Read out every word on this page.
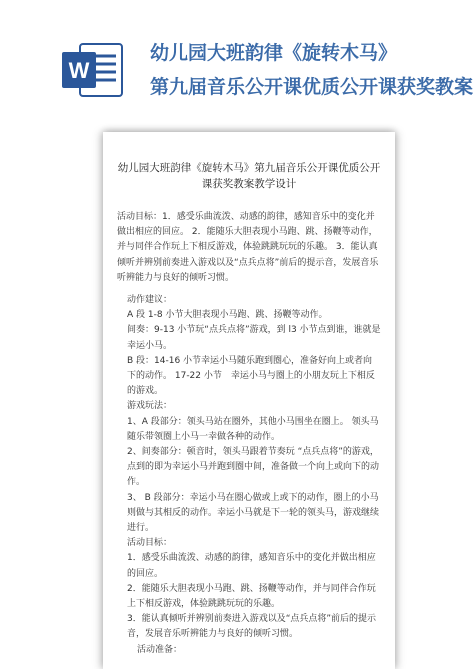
W
幼儿园大班韵律《旋转木马》
第九届音乐公开课优质公开课获奖教案
幼儿园大班韵律《旋转木马》第九届音乐公开课优质公开课获奖教案教学设计

活动目标：1．感受乐曲流泼、动感的韵律，感知音乐中的变化并做出相应的回应。 2．能随乐大胆表现小马跑、跳、扬鞭等动作，并与同伴合作玩上下相反游戏，体验跳跳玩玩的乐趣。 3．能认真倾听并辨别前奏进入游戏以及“点兵点将”前后的提示音，发展音乐听辨能力与良好的倾听习惯。

动作建议：

A 段 1-8 小节大胆表现小马跑、跳、扬鞭等动作。

间奏：9-13 小节玩“点兵点将”游戏，到 l3 小节点到谁，谁就是幸运小马。

B 段：14-16 小节幸运小马随乐跑到圈心，准备好向上或者向下的动作。 17-22 小节　幸运小马与圈上的小朋友玩上下相反的游戏。

游戏玩法：

1、A 段部分：领头马站在圈外，其他小马围坐在圈上。 领头马随乐带领圈上小马一幸做各种的动作。

2、间奏部分：顿音时，领头马跟着节奏玩 “点兵点将”的游戏，点到的即为幸运小马并跑到圈中间，准备做一个向上或向下的动作。

3、 B 段部分：幸运小马在圈心做或上或下的动作，圈上的小马则做与其相反的动作。幸运小马就是下一轮的领头马，游戏继续进行。

活动目标：

1．感受乐曲流泼、动感的韵律，感知音乐中的变化并做出相应的回应。

2．能随乐大胆表现小马跑、跳、扬鞭等动作，并与同伴合作玩上下相反游戏，体验跳跳玩玩的乐趣。

3．能认真倾听并辨别前奏进入游戏以及“点兵点将”前后的提示音，发展音乐听辨能力与良好的倾听习惯。

活动准备：
